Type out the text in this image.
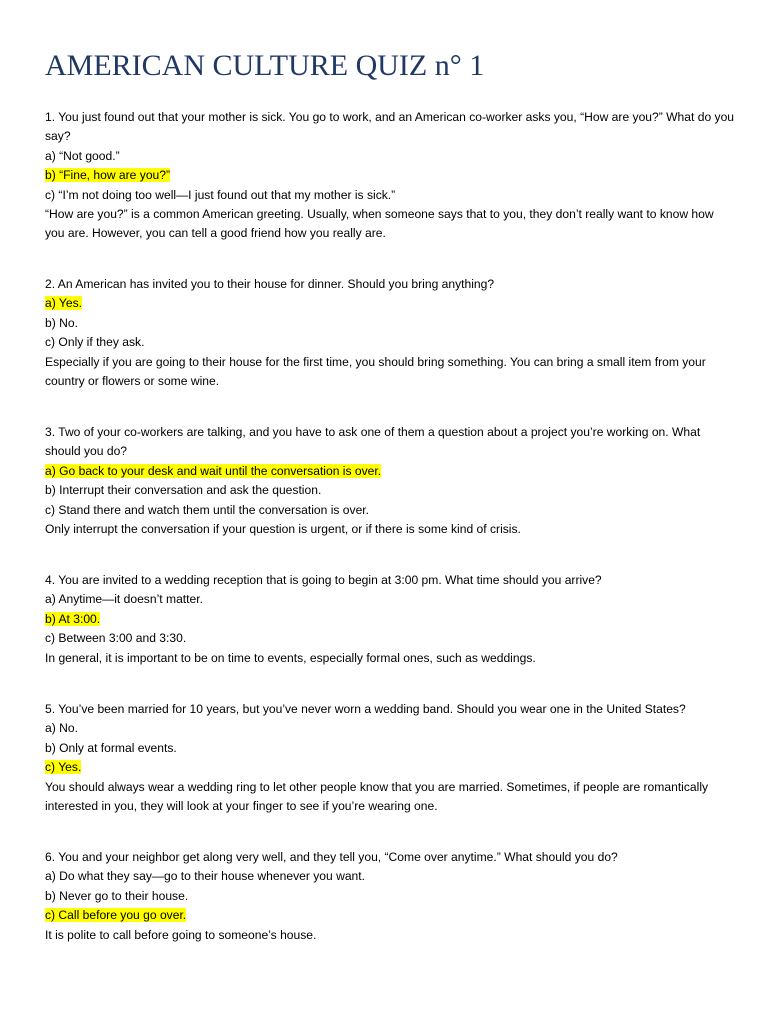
AMERICAN CULTURE QUIZ n° 1
1. You just found out that your mother is sick. You go to work, and an American co-worker asks you, “How are you?” What do you say?
a) “Not good.”
b) “Fine, how are you?”
c) “I’m not doing too well—I just found out that my mother is sick.”
“How are you?” is a common American greeting. Usually, when someone says that to you, they don’t really want to know how you are. However, you can tell a good friend how you really are.
2. An American has invited you to their house for dinner. Should you bring anything?
a) Yes.
b) No.
c) Only if they ask.
Especially if you are going to their house for the first time, you should bring something. You can bring a small item from your country or flowers or some wine.
3. Two of your co-workers are talking, and you have to ask one of them a question about a project you’re working on. What should you do?
a) Go back to your desk and wait until the conversation is over.
b) Interrupt their conversation and ask the question.
c) Stand there and watch them until the conversation is over.
Only interrupt the conversation if your question is urgent, or if there is some kind of crisis.
4. You are invited to a wedding reception that is going to begin at 3:00 pm. What time should you arrive?
a) Anytime—it doesn’t matter.
b) At 3:00.
c) Between 3:00 and 3:30.
In general, it is important to be on time to events, especially formal ones, such as weddings.
5. You’ve been married for 10 years, but you’ve never worn a wedding band. Should you wear one in the United States?
a) No.
b) Only at formal events.
c) Yes.
You should always wear a wedding ring to let other people know that you are married. Sometimes, if people are romantically interested in you, they will look at your finger to see if you’re wearing one.
6. You and your neighbor get along very well, and they tell you, “Come over anytime.” What should you do?
a) Do what they say—go to their house whenever you want.
b) Never go to their house.
c) Call before you go over.
It is polite to call before going to someone’s house.
